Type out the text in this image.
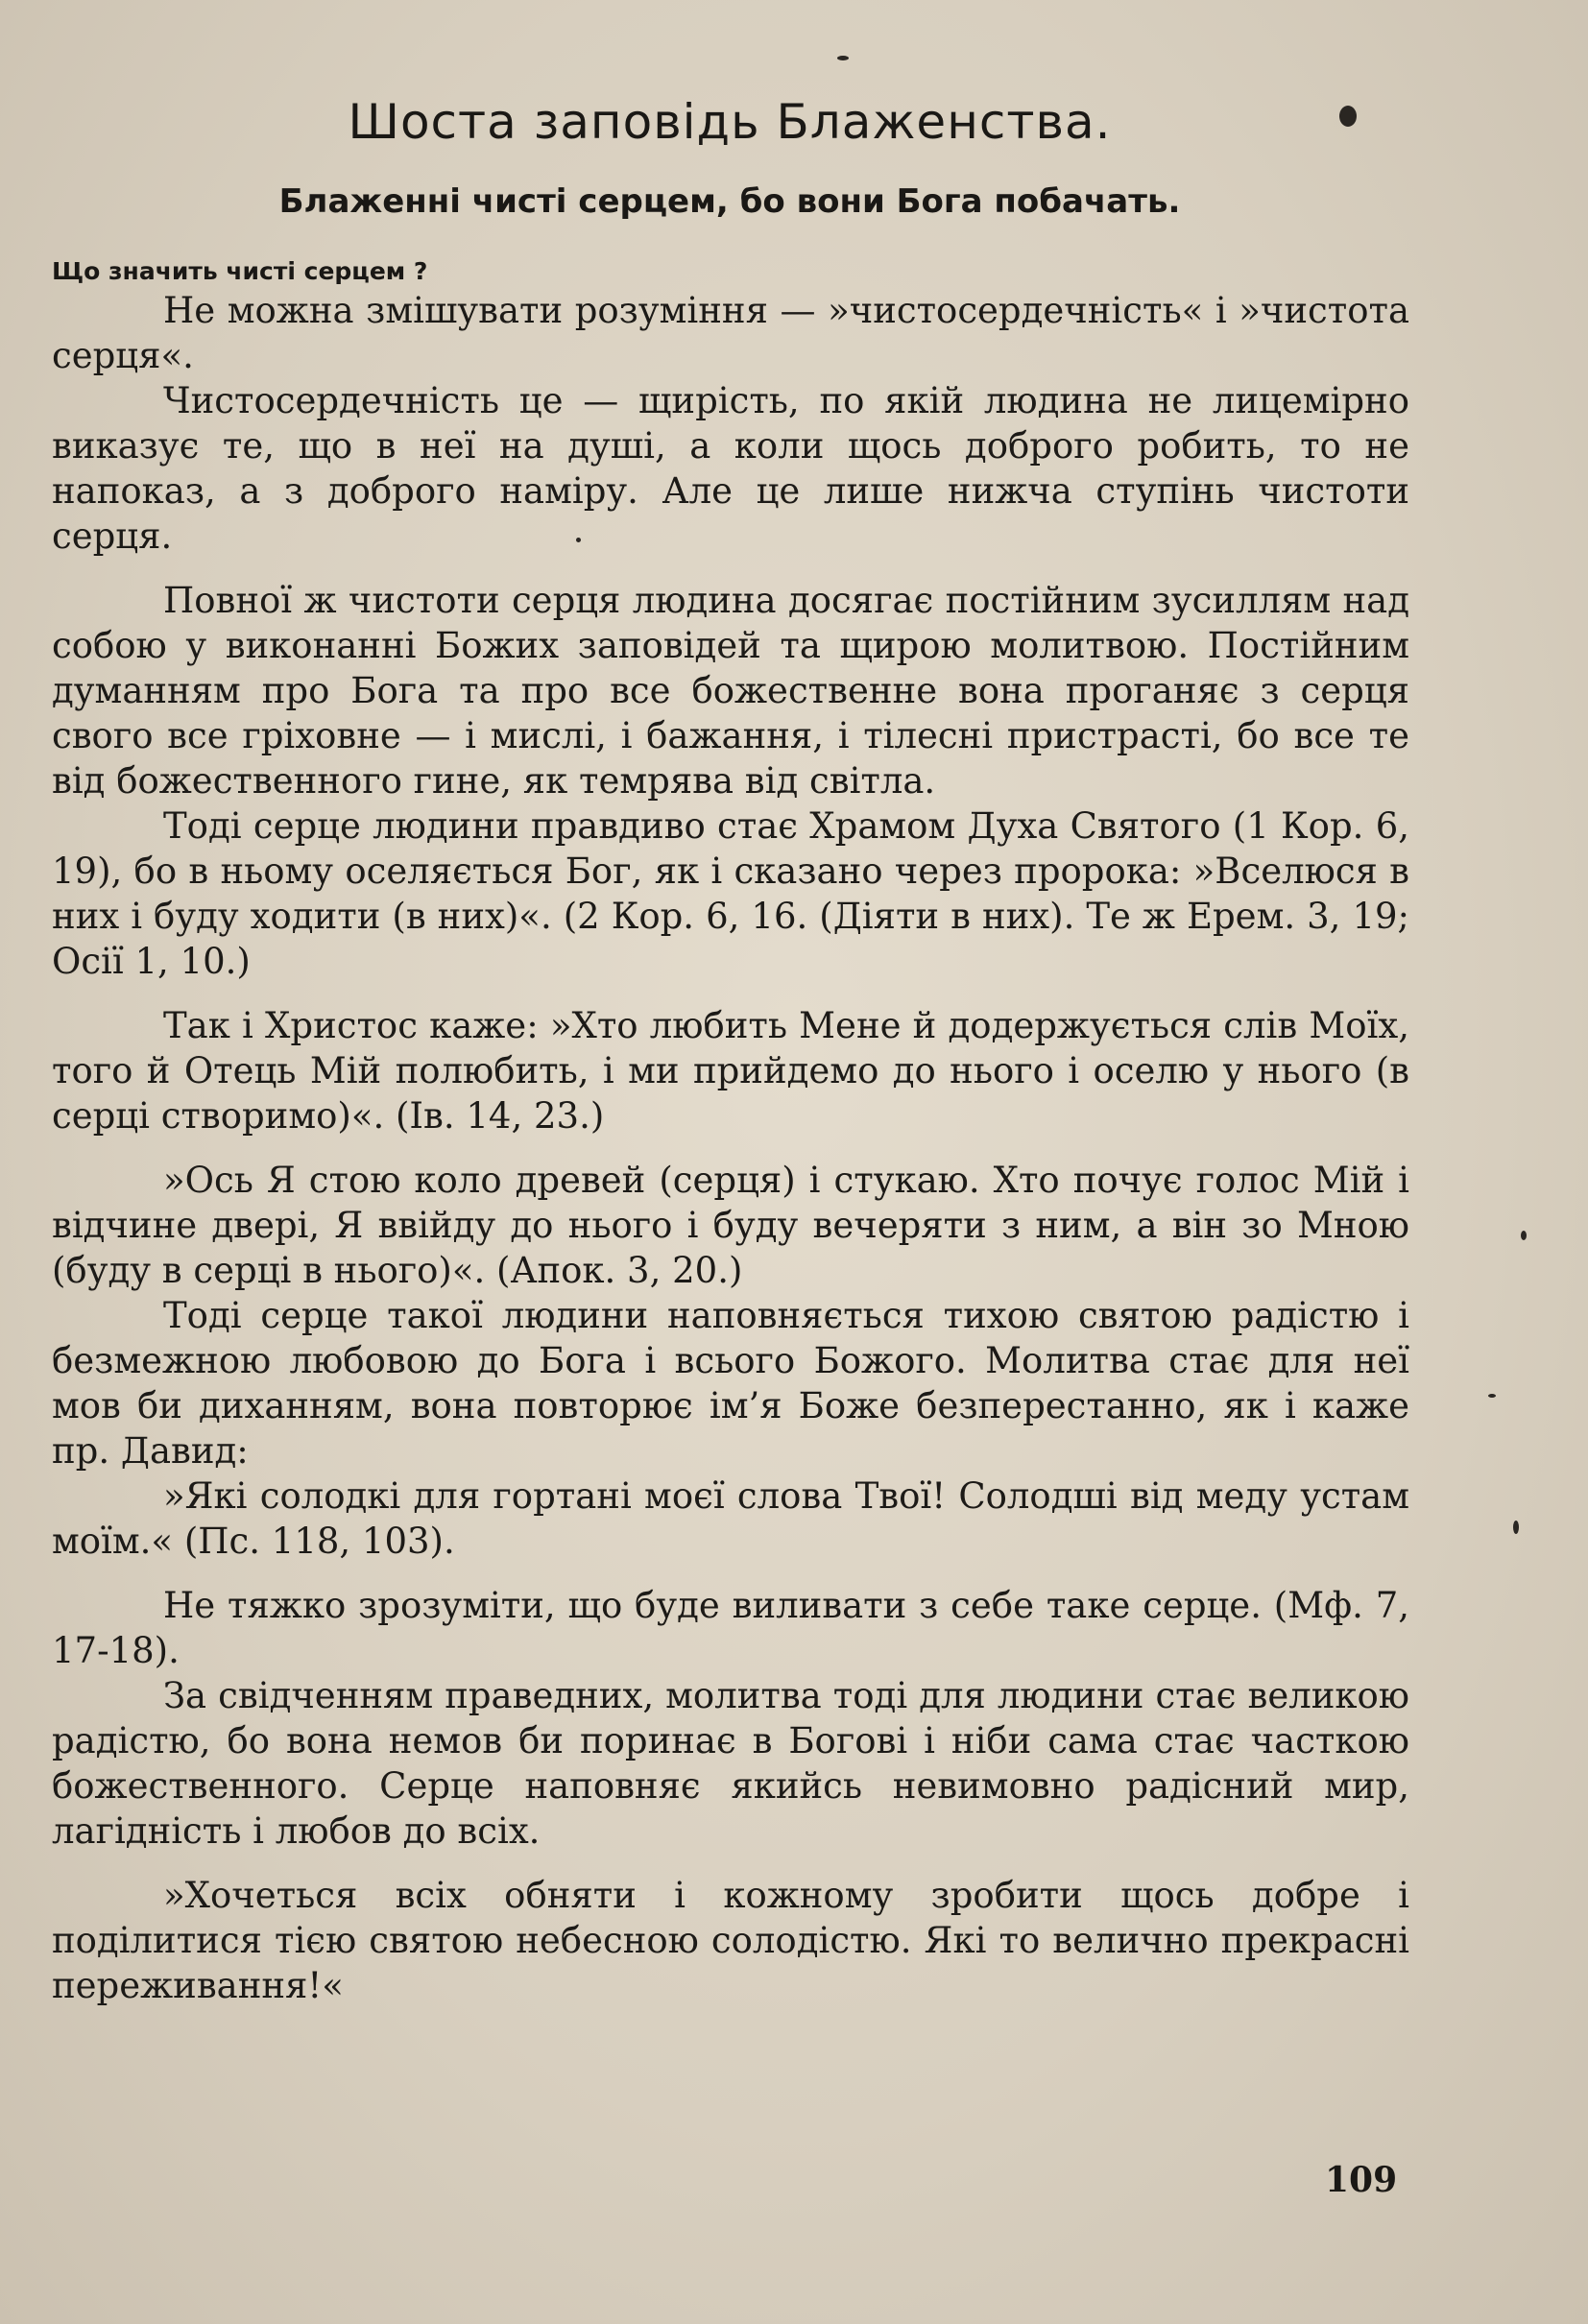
Шоста заповідь Блаженства.
Блаженні чисті серцем, бо вони Бога побачать.
Що значить чисті серцем ?

Не можна змішувати розуміння — »чистосердечність« і »чистота серця«.

Чистосердечність це — щирість, по якій людина не лицемірно виказує те, що в неї на душі, а коли щось доброго робить, то не напоказ, а з доброго наміру. Але це лише нижча ступінь чистоти серця.

Повної ж чистоти серця людина досягає постійним зусиллям над собою у виконанні Божих заповідей та щирою молитвою. Постійним думанням про Бога та про все божественне вона проганяє з серця свого все гріховне — і мислі, і бажання, і тілесні пристрасті, бо все те від божественного гине, як темрява від світла.

Тоді серце людини правдиво стає Храмом Духа Святого (1 Кор. 6, 19), бо в ньому оселяється Бог, як і сказано через пророка: »Вселюся в них і буду ходити (в них)«. (2 Кор. 6, 16. (Діяти в них). Те ж Ерем. 3, 19; Осії 1, 10.)

Так і Христос каже: »Хто любить Мене й додержується слів Моїх, того й Отець Мій полюбить, і ми прийдемо до нього і оселю у нього (в серці створимо)«. (Ів. 14, 23.)

»Ось Я стою коло древей (серця) і стукаю. Хто почує голос Мій і відчине двері, Я ввійду до нього і буду вечеряти з ним, а він зо Мною (буду в серці в нього)«. (Апок. 3, 20.)

Тоді серце такої людини наповняється тихою святою радістю і безмежною любовою до Бога і всього Божого. Молитва стає для неї мов би диханням, вона повторює ім’я Боже безперестанно, як і каже пр. Давид:

»Які солодкі для гортані моєї слова Твої! Солодші від меду устам моїм.« (Пс. 118, 103).

Не тяжко зрозуміти, що буде виливати з себе таке серце. (Мф. 7, 17-18).

За свідченням праведних, молитва тоді для людини стає великою радістю, бо вона немов би поринає в Богові і ніби сама стає часткою божественного. Серце наповняє якийсь невимовно радісний мир, лагідність і любов до всіх.

»Хочеться всіх обняти і кожному зробити щось добре і поділитися тією святою небесною солодістю. Які то велично прекрасні переживання!«

109
